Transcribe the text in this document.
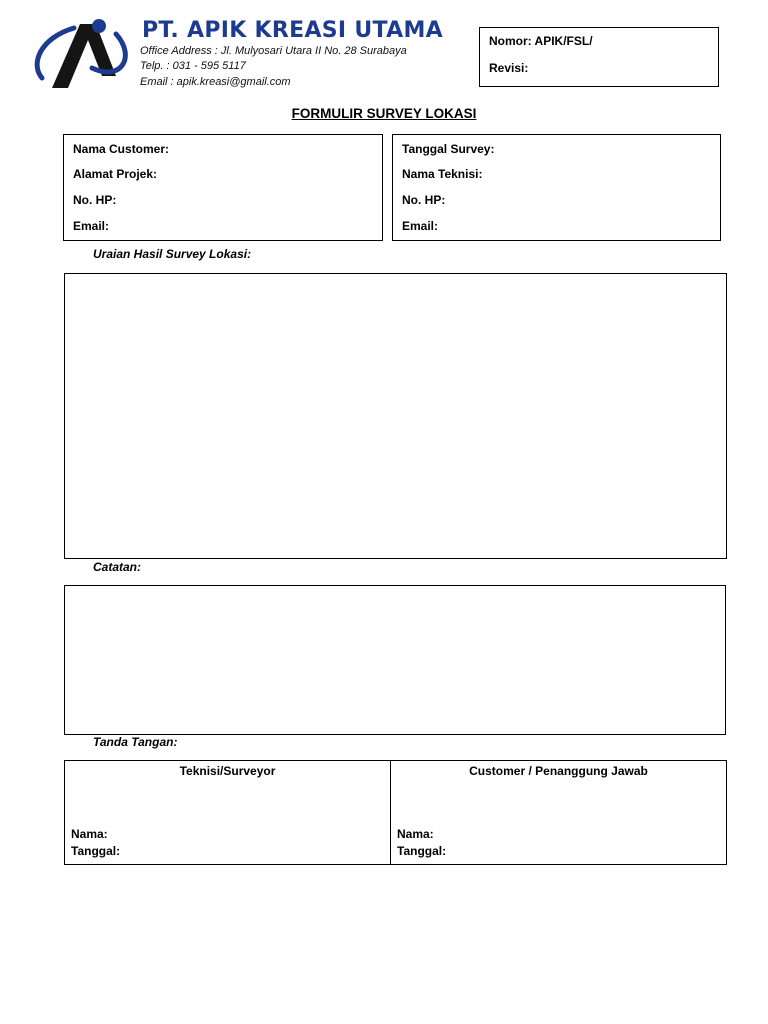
PT. APIK KREASI UTAMA
Office Address : Jl. Mulyosari Utara II No. 28 Surabaya
Telp. : 031 - 595 5117
Email : apik.kreasi@gmail.com
Nomor: APIK/FSL/
Revisi:
FORMULIR SURVEY LOKASI
Nama Customer:
Alamat Projek:
No. HP:
Email:
Tanggal Survey:
Nama Teknisi:
No. HP:
Email:
Uraian Hasil Survey Lokasi:
Catatan:
Tanda Tangan:
Teknisi/Surveyor
Nama:
Tanggal:
Customer / Penanggung Jawab
Nama:
Tanggal:
